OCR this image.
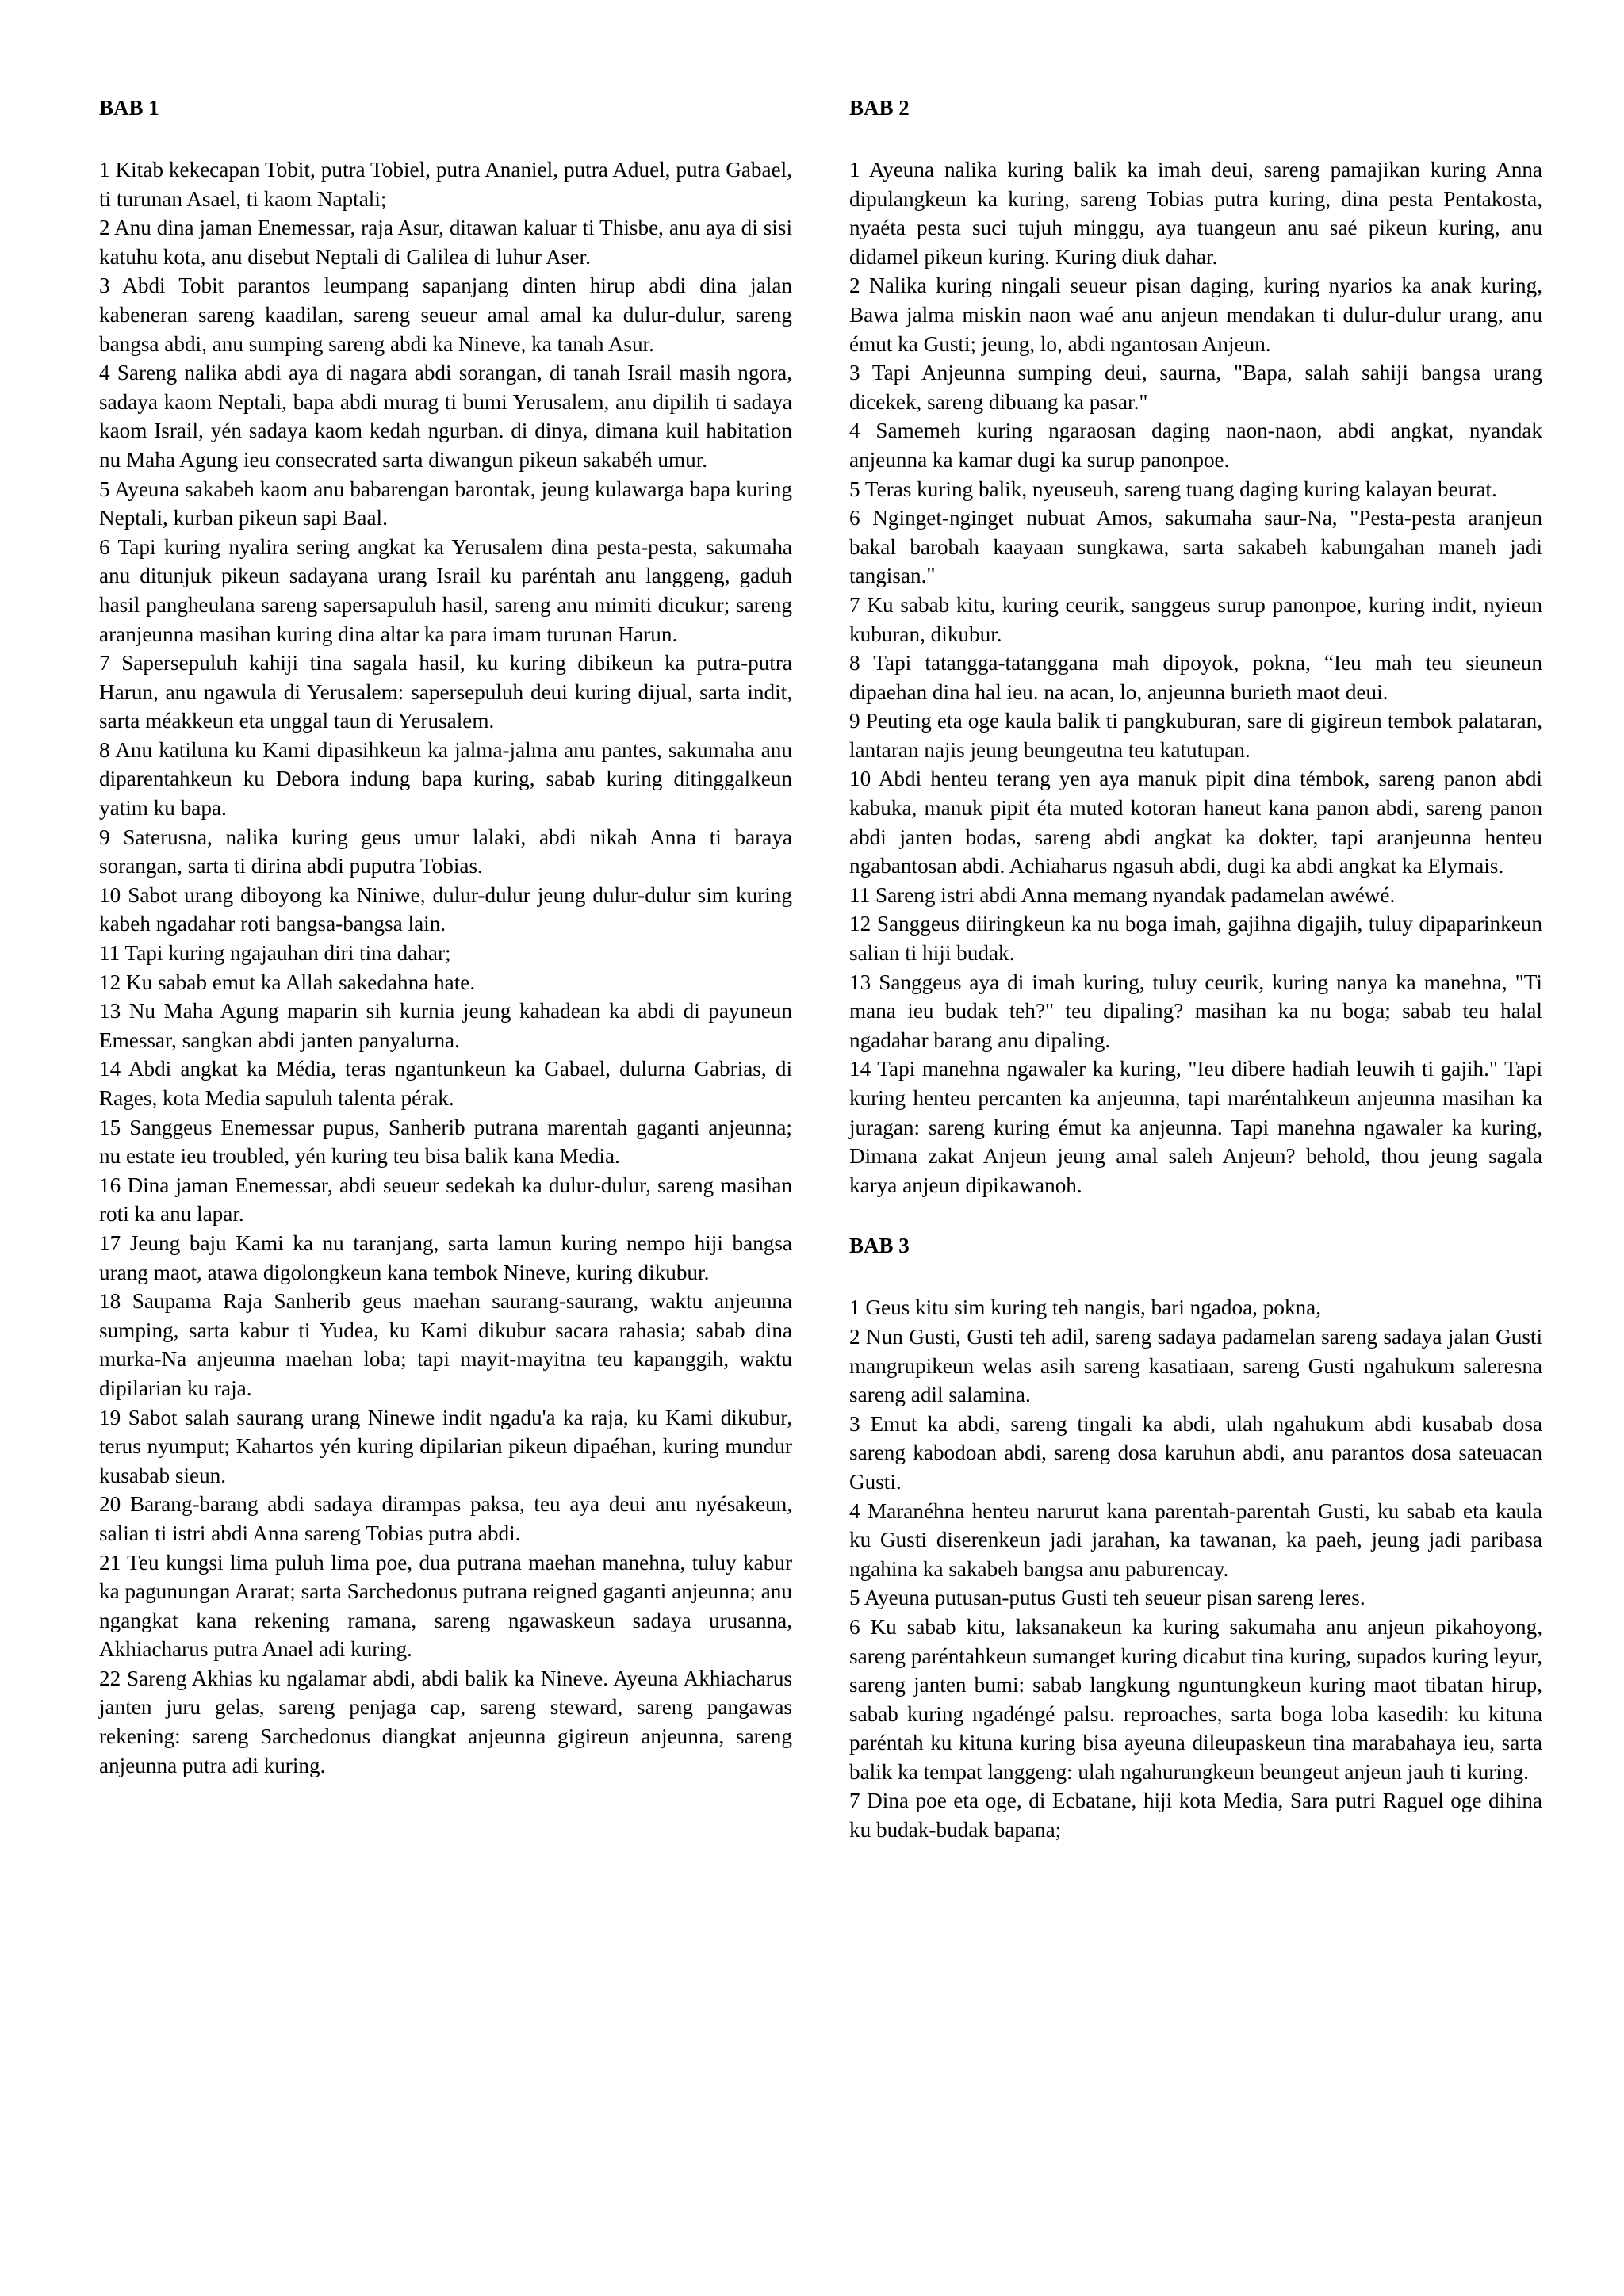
BAB 1

1 Kitab kekecapan Tobit, putra Tobiel, putra Ananiel, putra Aduel, putra Gabael, ti turunan Asael, ti kaom Naptali;

2 Anu dina jaman Enemessar, raja Asur, ditawan kaluar ti Thisbe, anu aya di sisi katuhu kota, anu disebut Neptali di Galilea di luhur Aser.

3 Abdi Tobit parantos leumpang sapanjang dinten hirup abdi dina jalan kabeneran sareng kaadilan, sareng seueur amal amal ka dulur-dulur, sareng bangsa abdi, anu sumping sareng abdi ka Nineve, ka tanah Asur.

4 Sareng nalika abdi aya di nagara abdi sorangan, di tanah Israil masih ngora, sadaya kaom Neptali, bapa abdi murag ti bumi Yerusalem, anu dipilih ti sadaya kaom Israil, yén sadaya kaom kedah ngurban. di dinya, dimana kuil habitation nu Maha Agung ieu consecrated sarta diwangun pikeun sakabéh umur.

5 Ayeuna sakabeh kaom anu babarengan barontak, jeung kulawarga bapa kuring Neptali, kurban pikeun sapi Baal.

6 Tapi kuring nyalira sering angkat ka Yerusalem dina pesta-pesta, sakumaha anu ditunjuk pikeun sadayana urang Israil ku paréntah anu langgeng, gaduh hasil pangheulana sareng sapersapuluh hasil, sareng anu mimiti dicukur; sareng aranjeunna masihan kuring dina altar ka para imam turunan Harun.

7 Sapersepuluh kahiji tina sagala hasil, ku kuring dibikeun ka putra-putra Harun, anu ngawula di Yerusalem: sapersepuluh deui kuring dijual, sarta indit, sarta méakkeun eta unggal taun di Yerusalem.

8 Anu katiluna ku Kami dipasihkeun ka jalma-jalma anu pantes, sakumaha anu diparentahkeun ku Debora indung bapa kuring, sabab kuring ditinggalkeun yatim ku bapa.

9 Saterusna, nalika kuring geus umur lalaki, abdi nikah Anna ti baraya sorangan, sarta ti dirina abdi puputra Tobias.

10 Sabot urang diboyong ka Niniwe, dulur-dulur jeung dulur-dulur sim kuring kabeh ngadahar roti bangsa-bangsa lain.

11 Tapi kuring ngajauhan diri tina dahar;

12 Ku sabab emut ka Allah sakedahna hate.

13 Nu Maha Agung maparin sih kurnia jeung kahadean ka abdi di payuneun Emessar, sangkan abdi janten panyalurna.

14 Abdi angkat ka Média, teras ngantunkeun ka Gabael, dulurna Gabrias, di Rages, kota Media sapuluh talenta pérak.

15 Sanggeus Enemessar pupus, Sanherib putrana marentah gaganti anjeunna; nu estate ieu troubled, yén kuring teu bisa balik kana Media.

16 Dina jaman Enemessar, abdi seueur sedekah ka dulur-dulur, sareng masihan roti ka anu lapar.

17 Jeung baju Kami ka nu taranjang, sarta lamun kuring nempo hiji bangsa urang maot, atawa digolongkeun kana tembok Nineve, kuring dikubur.

18 Saupama Raja Sanherib geus maehan saurang-saurang, waktu anjeunna sumping, sarta kabur ti Yudea, ku Kami dikubur sacara rahasia; sabab dina murka-Na anjeunna maehan loba; tapi mayit-mayitna teu kapanggih, waktu dipilarian ku raja.

19 Sabot salah saurang urang Ninewe indit ngadu'a ka raja, ku Kami dikubur, terus nyumput; Kahartos yén kuring dipilarian pikeun dipaéhan, kuring mundur kusabab sieun.

20 Barang-barang abdi sadaya dirampas paksa, teu aya deui anu nyésakeun, salian ti istri abdi Anna sareng Tobias putra abdi.

21 Teu kungsi lima puluh lima poe, dua putrana maehan manehna, tuluy kabur ka pagunungan Ararat; sarta Sarchedonus putrana reigned gaganti anjeunna; anu ngangkat kana rekening ramana, sareng ngawaskeun sadaya urusanna, Akhiacharus putra Anael adi kuring.

22 Sareng Akhias ku ngalamar abdi, abdi balik ka Nineve. Ayeuna Akhiacharus janten juru gelas, sareng penjaga cap, sareng steward, sareng pangawas rekening: sareng Sarchedonus diangkat anjeunna gigireun anjeunna, sareng anjeunna putra adi kuring.

BAB 2

1 Ayeuna nalika kuring balik ka imah deui, sareng pamajikan kuring Anna dipulangkeun ka kuring, sareng Tobias putra kuring, dina pesta Pentakosta, nyaéta pesta suci tujuh minggu, aya tuangeun anu saé pikeun kuring, anu didamel pikeun kuring. Kuring diuk dahar.

2 Nalika kuring ningali seueur pisan daging, kuring nyarios ka anak kuring, Bawa jalma miskin naon waé anu anjeun mendakan ti dulur-dulur urang, anu émut ka Gusti; jeung, lo, abdi ngantosan Anjeun.

3 Tapi Anjeunna sumping deui, saurna, "Bapa, salah sahiji bangsa urang dicekek, sareng dibuang ka pasar."

4 Samemeh kuring ngaraosan daging naon-naon, abdi angkat, nyandak anjeunna ka kamar dugi ka surup panonpoe.

5 Teras kuring balik, nyeuseuh, sareng tuang daging kuring kalayan beurat.

6 Nginget-nginget nubuat Amos, sakumaha saur-Na, "Pesta-pesta aranjeun bakal barobah kaayaan sungkawa, sarta sakabeh kabungahan maneh jadi tangisan."

7 Ku sabab kitu, kuring ceurik, sanggeus surup panonpoe, kuring indit, nyieun kuburan, dikubur.

8 Tapi tatangga-tatanggana mah dipoyok, pokna, “Ieu mah teu sieuneun dipaehan dina hal ieu. na acan, lo, anjeunna burieth maot deui.

9 Peuting eta oge kaula balik ti pangkuburan, sare di gigireun tembok palataran, lantaran najis jeung beungeutna teu katutupan.

10 Abdi henteu terang yen aya manuk pipit dina témbok, sareng panon abdi kabuka, manuk pipit éta muted kotoran haneut kana panon abdi, sareng panon abdi janten bodas, sareng abdi angkat ka dokter, tapi aranjeunna henteu ngabantosan abdi. Achiaharus ngasuh abdi, dugi ka abdi angkat ka Elymais.

11 Sareng istri abdi Anna memang nyandak padamelan awéwé.

12 Sanggeus diiringkeun ka nu boga imah, gajihna digajih, tuluy dipaparinkeun salian ti hiji budak.

13 Sanggeus aya di imah kuring, tuluy ceurik, kuring nanya ka manehna, "Ti mana ieu budak teh?" teu dipaling? masihan ka nu boga; sabab teu halal ngadahar barang anu dipaling.

14 Tapi manehna ngawaler ka kuring, "Ieu dibere hadiah leuwih ti gajih." Tapi kuring henteu percanten ka anjeunna, tapi maréntahkeun anjeunna masihan ka juragan: sareng kuring émut ka anjeunna. Tapi manehna ngawaler ka kuring, Dimana zakat Anjeun jeung amal saleh Anjeun? behold, thou jeung sagala karya anjeun dipikawanoh.

BAB 3

1 Geus kitu sim kuring teh nangis, bari ngadoa, pokna,

2 Nun Gusti, Gusti teh adil, sareng sadaya padamelan sareng sadaya jalan Gusti mangrupikeun welas asih sareng kasatiaan, sareng Gusti ngahukum saleresna sareng adil salamina.

3 Emut ka abdi, sareng tingali ka abdi, ulah ngahukum abdi kusabab dosa sareng kabodoan abdi, sareng dosa karuhun abdi, anu parantos dosa sateuacan Gusti.

4 Maranéhna henteu narurut kana parentah-parentah Gusti, ku sabab eta kaula ku Gusti diserenkeun jadi jarahan, ka tawanan, ka paeh, jeung jadi paribasa ngahina ka sakabeh bangsa anu paburencay.

5 Ayeuna putusan-putus Gusti teh seueur pisan sareng leres.

6 Ku sabab kitu, laksanakeun ka kuring sakumaha anu anjeun pikahoyong, sareng paréntahkeun sumanget kuring dicabut tina kuring, supados kuring leyur, sareng janten bumi: sabab langkung nguntungkeun kuring maot tibatan hirup, sabab kuring ngadéngé palsu. reproaches, sarta boga loba kasedih: ku kituna paréntah ku kituna kuring bisa ayeuna dileupaskeun tina marabahaya ieu, sarta balik ka tempat langgeng: ulah ngahurungkeun beungeut anjeun jauh ti kuring.

7 Dina poe eta oge, di Ecbatane, hiji kota Media, Sara putri Raguel oge dihina ku budak-budak bapana;
